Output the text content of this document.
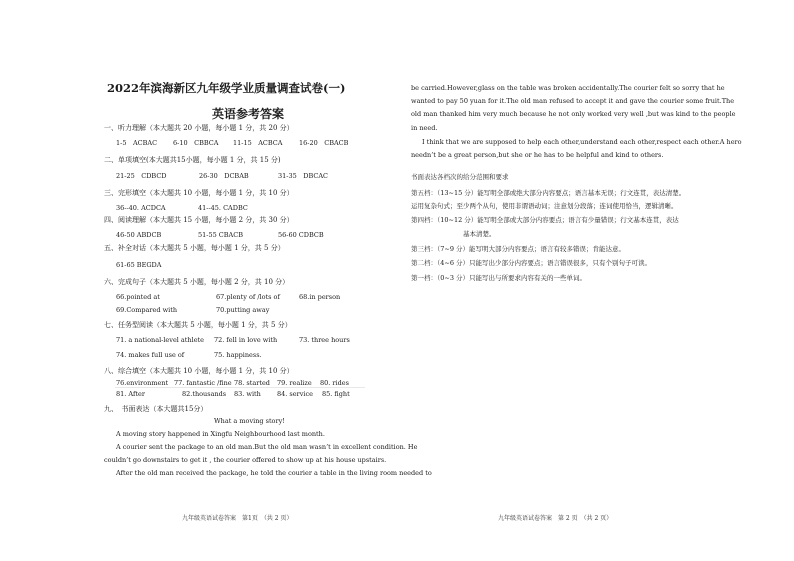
2022年滨海新区九年级学业质量调查试卷(一)
英语参考答案
一、听力理解（本大题共 20 小题，每小题 1 分，共 20 分）
1-5　ACBAC 6-10　CBBCA 11-15　ACBCA	16-20　CBACB
二、单项填空(本大题共15小题，每小题 1 分，共 15 分)
21-25　CDBCD	26-30　DCBAB	31-35　DBCAC
三、完形填空（本大题共 10 小题，每小题 1 分，共 10 分）
36--40. ACDCA	41--45. CADBC
四、阅读理解（本大题共 15 小题，每小题 2 分，共 30 分）
46-50 ABDCB	51-55 CBACB	56-60 CDBCB
五、补全对话（本大题共 5 小题，每小题 1 分，共 5 分）
61-65 BEGDA
六、完成句子（本大题共 5 小题，每小题 2 分，共 10 分）
66.pointed at	67.plenty of /lots of	68.in person
69.Compared with	70.putting away
七、任务型阅读（本大题共 5 小题，每小题 1 分，共 5 分）
71. a national-level athlete 72. fell in love with	73. three hours
74. makes full use of	75. happiness.
八、综合填空（本大题共 10 小题，每小题 1 分，共 10 分）
76.environment 77. fantastic /fine 78. started 79. realize 80. rides
81. After	82.thousands 83. with 84. service 85. fight
九、　书面表达（本大题共15分）
What a moving story!
A moving story happened in Xingfu Neighbourhood last month.
A courier sent the package to an old man.But the old man wasn’t in excellent condition. He
couldn’t go downstairs to get it , the courier offered to show up at his house upstairs.
After the old man received the package, he told the courier a table in the living room needed to
九年级英语试卷答案　第1页　（共 2 页）
be carried.However,glass on the table was broken accidentally.The courier felt so sorry that he
wanted to pay 50 yuan for it.The old man refused to accept it and gave the courier some fruit.The
old man thanked him very much because he not only worked very well ,but was kind to the people
in need.
I think that we are supposed to help each other,understand each other,respect each other.A hero
needn’t be a great person,but she or he has to be helpful and kind to others.
书面表达各档次的给分范围和要求
第五档：（13~15 分）能写明全部或绝大部分内容要点；语言基本无误；行文连贯，表达清楚。
运用复杂句式；至少两个从句，使用非谓语动词；注意划分段落；连词使用恰当，逻辑清晰。
第四档：（10~12 分）能写明全部或大部分内容要点；语言有少量错误；行文基本连贯，表达
基本清楚。
第三档：（7~9 分）能写明大部分内容要点；语言有较多错误；肯能达意。
第二档：（4~6 分）只能写出少部分内容要点；语言错误很多，只有个别句子可读。
第一档：（0~3 分）只能写出与所要求内容有关的一些单词。
九年级英语试卷答案　第 2 页　（共 2 页）
